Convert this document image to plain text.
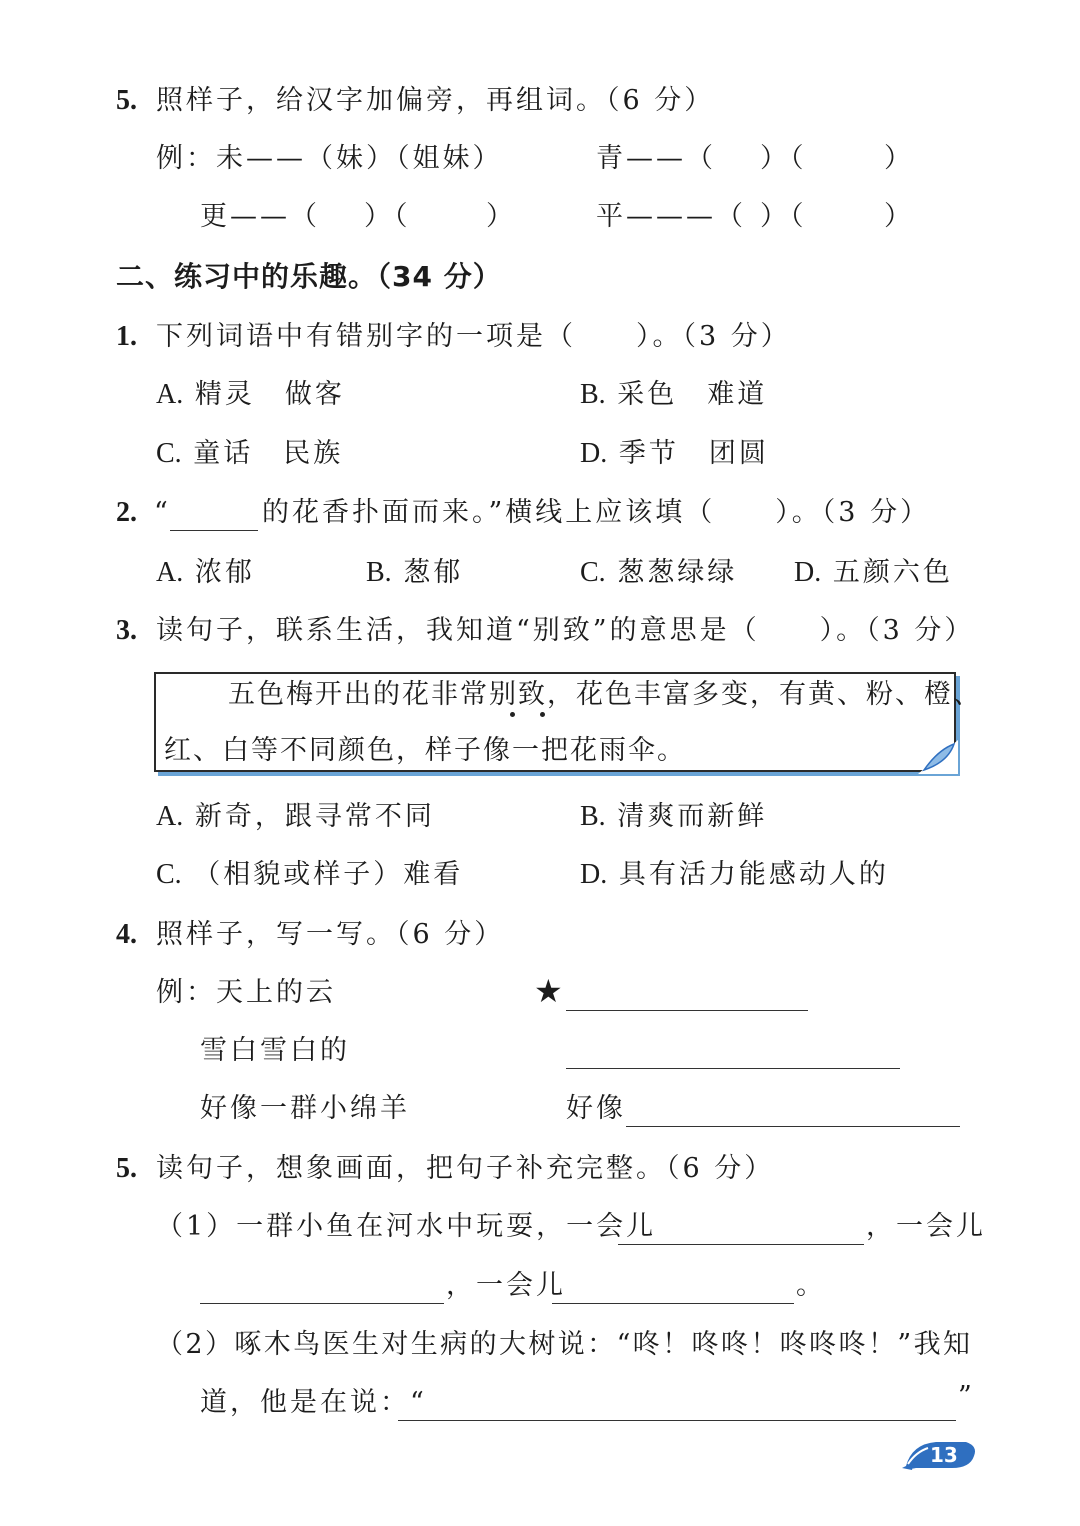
5. 照样子，给汉字加偏旁，再组词。（6 分）
例：未——（妹）（姐妹）	青——（ ）（	）
更——（ ）（	）	平———（ ）（	）
二、练习中的乐趣。（34 分）
1. 下列词语中有错别字的一项是（　　）。（3 分）
A. 精灵　做客	B. 采色　难道
C. 童话　民族	D. 季节　团圆
2. “	的花香扑面而来。”横线上应该填（　　）。（3 分）
A. 浓郁	B. 葱郁	C. 葱葱绿绿 D. 五颜六色
3. 读句子，联系生活，我知道“别致”的意思是（　　）。（3 分）
五色梅开出的花非常别致，花色丰富多变，有黄、粉、橙、
红、白等不同颜色，样子像一把花雨伞。
A. 新奇，跟寻常不同	B. 清爽而新鲜
C. （相貌或样子）难看	D. 具有活力能感动人的
4. 照样子，写一写。（6 分）
例：天上的云	★
雪白雪白的
好像一群小绵羊	好像
5. 读句子，想象画面，把句子补充完整。（6 分）
（1）一群小鱼在河水中玩耍，一会儿	，一会儿
，一会儿	。
（2）啄木鸟医生对生病的大树说：“咚！咚咚！咚咚咚！”我知
道，他是在说：“	”
13
